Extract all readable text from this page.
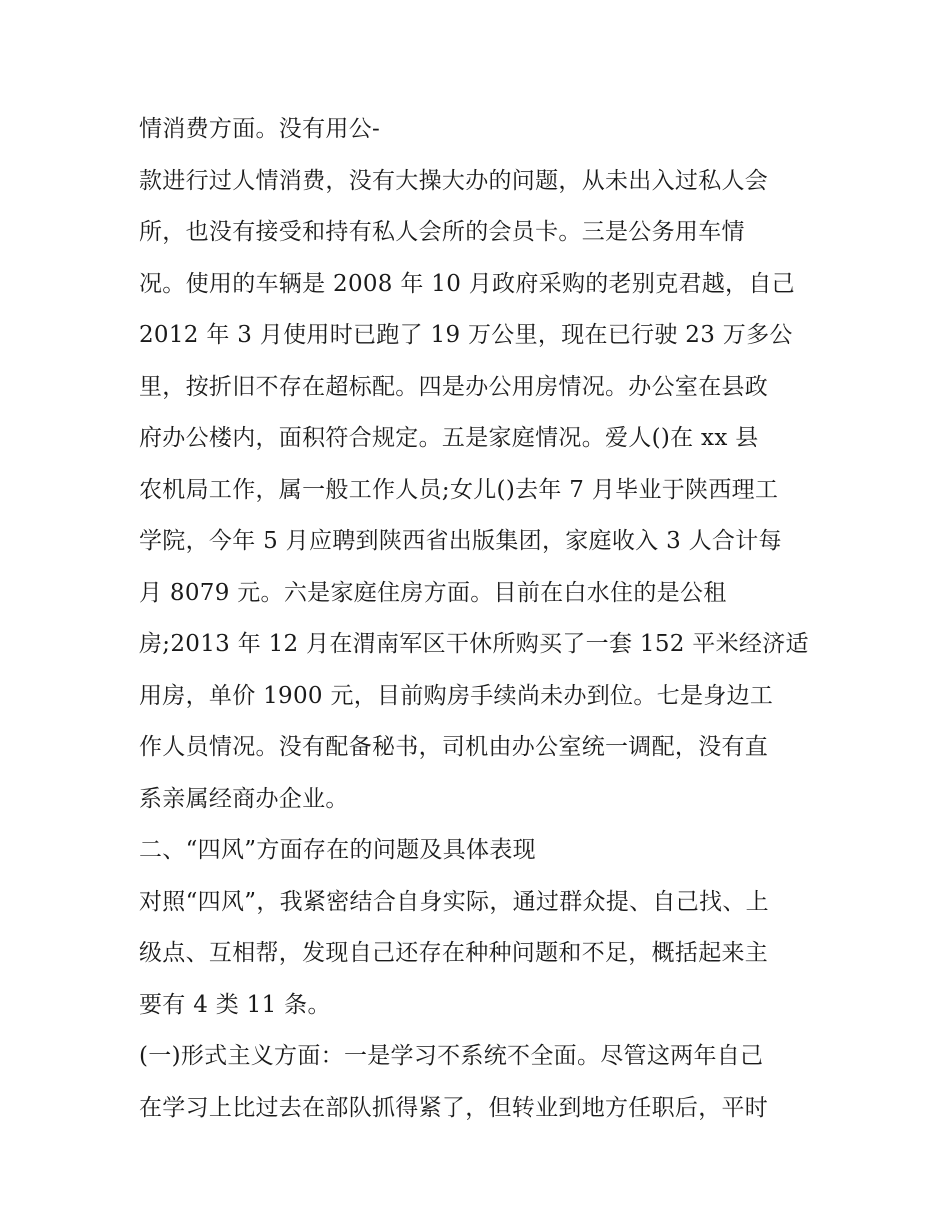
情消费方面。没有用公-
款进行过人情消费，没有大操大办的问题，从未出入过私人会
所，也没有接受和持有私人会所的会员卡。三是公务用车情
况。使用的车辆是 2008 年 10 月政府采购的老别克君越，自己
2012 年 3 月使用时已跑了 19 万公里，现在已行驶 23 万多公
里，按折旧不存在超标配。四是办公用房情况。办公室在县政
府办公楼内，面积符合规定。五是家庭情况。爱人()在 xx 县
农机局工作，属一般工作人员;女儿()去年 7 月毕业于陕西理工
学院，今年 5 月应聘到陕西省出版集团，家庭收入 3 人合计每
月 8079 元。六是家庭住房方面。目前在白水住的是公租
房;2013 年 12 月在渭南军区干休所购买了一套 152 平米经济适
用房，单价 1900 元，目前购房手续尚未办到位。七是身边工
作人员情况。没有配备秘书，司机由办公室统一调配，没有直
系亲属经商办企业。
二、“四风”方面存在的问题及具体表现
对照“四风”，我紧密结合自身实际，通过群众提、自己找、上
级点、互相帮，发现自己还存在种种问题和不足，概括起来主
要有 4 类 11 条。
(一)形式主义方面：一是学习不系统不全面。尽管这两年自己
在学习上比过去在部队抓得紧了，但转业到地方任职后，平时
